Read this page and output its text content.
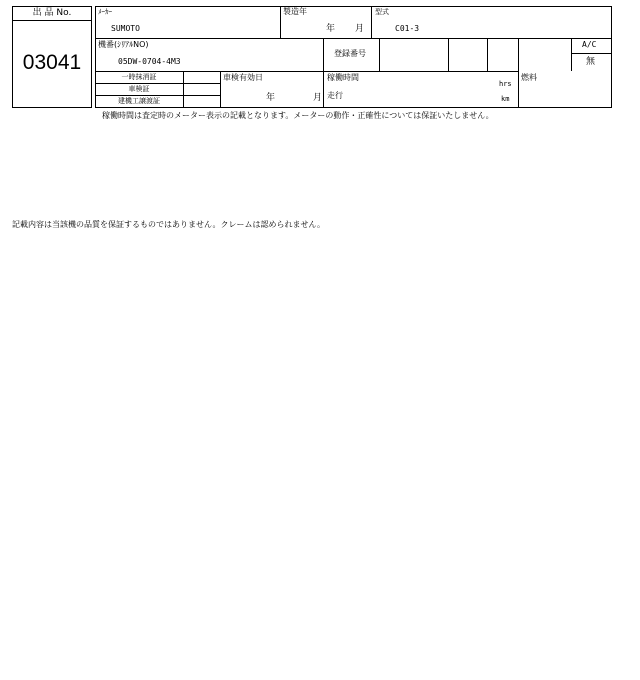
出 品 No.
03041
ﾒｰｶｰ
SUMOTO
製造年
年 月
型式
C01-3
機番(ｼﾘｱﾙNO)
05DW-0704-4M3
登録番号
A/C
無
一時抹消証
車検証
建機工譲渡証
車検有効日
年	月
稼働時間
hrs
走行	km
燃料
稼働時間は査定時のメーター表示の記載となります。メーターの動作・正確性については保証いたしません。
記載内容は当該機の品質を保証するものではありません。クレームは認められません。
